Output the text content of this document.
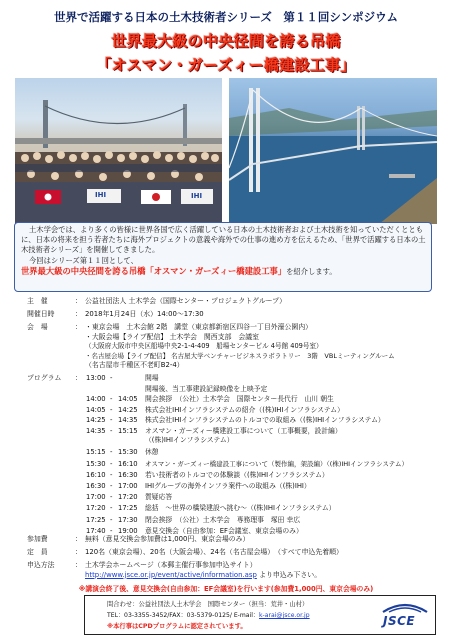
世界で活躍する日本の土木技術者シリーズ　第１１回シンポジウム
世界最大級の中央径間を誇る吊橋
「オスマン・ガーズィー橋建設工事」
IHI	IHI
土木学会では、より多くの皆様に世界各国で広く活躍している日本の土木技術者および土木技術を知っていただくとともに、日本の将来を担う若者たちに海外プロジェクトの意義や海外での仕事の進め方を伝えるため、「世界で活躍する日本の土木技術者シリーズ」を開催してきました。
今回はシリーズ第１１回として、
世界最大級の中央径間を誇る吊橋「オスマン・ガーズィー橋建設工事」を紹介します。
主　催	： 公益社団法人 土木学会（国際センター・プロジェクトグループ）
開催日時	： 2018年1月24日（水）14:00～17:30
会　場	： ・東京会場　土木会館 2階　講堂（東京都新宿区四谷一丁目外濠公園内）
・大阪会場【ライブ配信】 土木学会　関西支部　会議室
（大阪府大阪市中央区船場中央2-1-4-409　船場センタービル 4号館 409号室）
・名古屋会場【ライブ配信】 名古屋大学ベンチャービジネスラボラトリー　3階　VBLミーティングルーム
（名古屋市千種区不老町B2-4）
プログラム	： 13:00 -	開場
開場後、当工事建設記録映像を上映予定
14:00 - 14:05	開会挨拶　（公社）土木学会　国際センター長代行　山川 朝生
14:05 - 14:25	株式会社IHIインフラシステムの紹介（(株)IHIインフラシステム）
14:25 - 14:35	株式会社IHIインフラシステムのトルコでの取組み（(株)IHIインフラシステム）
14:35 - 15:15	オスマン・ガーズィー橋建設工事について（工事概要，設計編）
（(株)IHIインフラシステム）
15:15 - 15:30	休憩
15:30 - 16:10	オスマン・ガーズィー橋建設工事について（製作編，架設編）（(株)IHIインフラシステム）
16:10 - 16:30	若い技術者のトルコでの体験談（(株)IHIインフラシステム）
16:30 - 17:00	IHIグループの海外インフラ案件への取組み（(株)IHI）
17:00 - 17:20	質疑応答
17:20 - 17:25	総括　～世界の橋梁建設へ挑む～（(株)IHIインフラシステム）
17:25 - 17:30	閉会挨拶　（公社）土木学会　専務理事　塚田 幸広
17:40 - 19:00	意見交換会（自由参加：EF会議室、東京会場のみ）
参加費	： 無料（意見交換会参加費は1,000円、東京会場のみ）
定　員	： 120名（東京会場）、20名（大阪会場）、24名（名古屋会場）　（すべて申込先着順）
申込方法	： 土木学会ホームページ（本郵主催行事参加申込サイト）
http://www.jsce.or.jp/event/active/information.asp より申込み下さい。
※講演会終了後、意見交換会(自由参加：EF会議室)を行います(参加費1,000円、東京会場のみ)
問合わせ：公益社団法人土木学会　国際センター（担当：荒井・山村）
TEL：03-3355-3452/FAX：03-5379-0125/ E-mail：k-arai@jsce.or.jp
※本行事はCPDプログラムに認定されています。	JSCE
